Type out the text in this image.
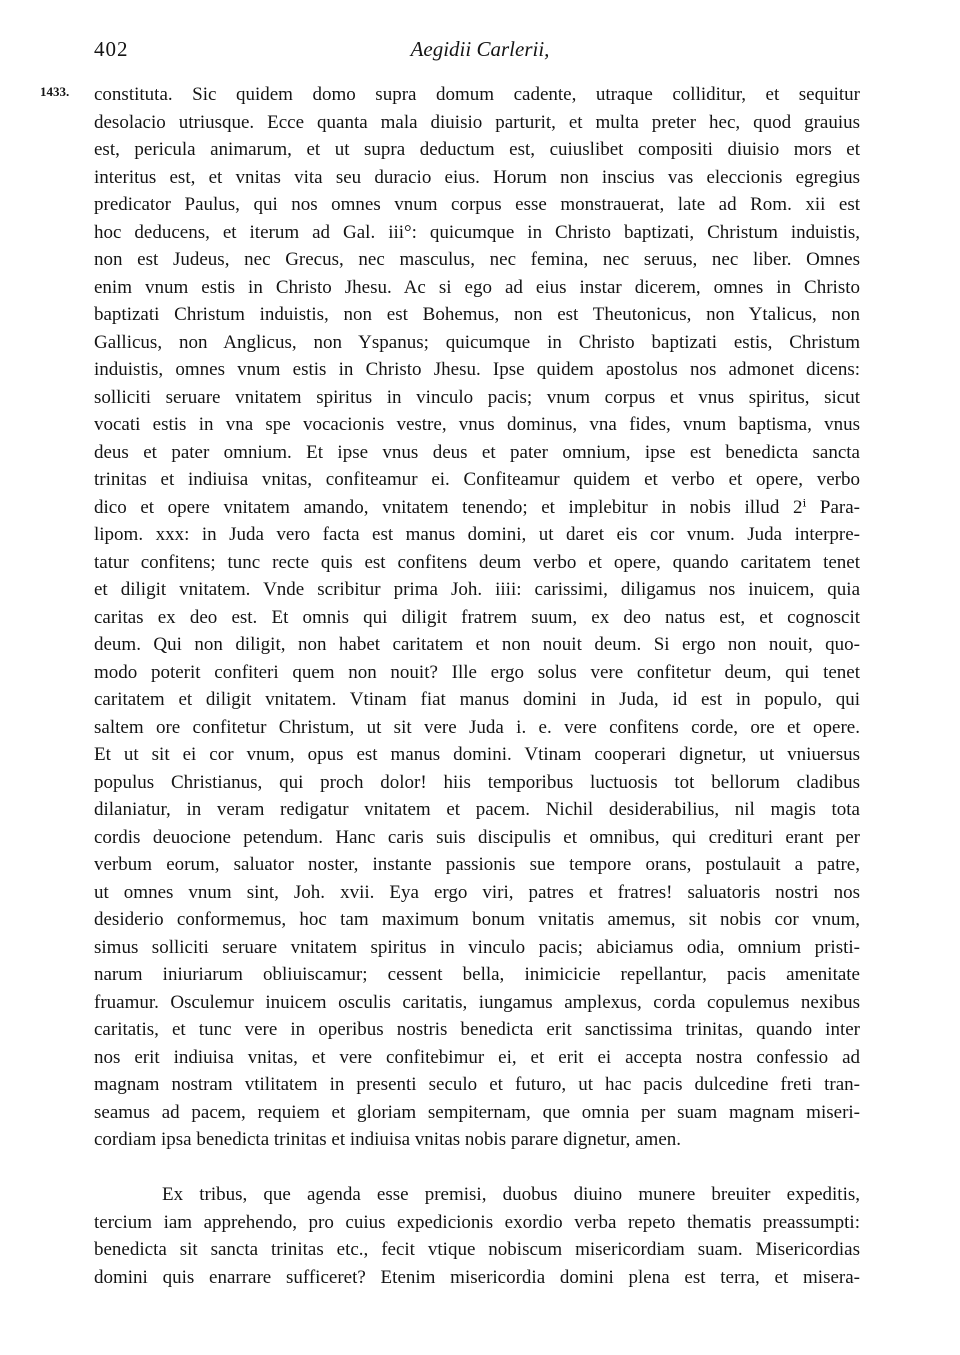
402	Aegidii Carlerii,
1433. constituta. Sic quidem domo supra domum cadente, utraque colliditur, et sequitur
desolacio utriusque. Ecce quanta mala diuisio parturit, et multa preter hec, quod grauius
est, pericula animarum, et ut supra deductum est, cuiuslibet compositi diuisio mors et
interitus est, et vnitas vita seu duracio eius. Horum non inscius vas eleccionis egregius
predicator Paulus, qui nos omnes vnum corpus esse monstrauerat, late ad Rom. xii est
hoc deducens, et iterum ad Gal. iii°: quicumque in Christo baptizati, Christum induistis,
non est Judeus, nec Grecus, nec masculus, nec femina, nec seruus, nec liber. Omnes
enim vnum estis in Christo Jhesu. Ac si ego ad eius instar dicerem, omnes in Christo
baptizati Christum induistis, non est Bohemus, non est Theutonicus, non Ytalicus, non
Gallicus, non Anglicus, non Yspanus; quicumque in Christo baptizati estis, Christum
induistis, omnes vnum estis in Christo Jhesu. Ipse quidem apostolus nos admonet dicens:
solliciti seruare vnitatem spiritus in vinculo pacis; vnum corpus et vnus spiritus, sicut
vocati estis in vna spe vocacionis vestre, vnus dominus, vna fides, vnum baptisma, vnus
deus et pater omnium. Et ipse vnus deus et pater omnium, ipse est benedicta sancta
trinitas et indiuisa vnitas, confiteamur ei. Confiteamur quidem et verbo et opere, verbo
dico et opere vnitatem amando, vnitatem tenendo; et implebitur in nobis illud 2ⁱ Para-
lipom. xxx: in Juda vero facta est manus domini, ut daret eis cor vnum. Juda interpre-
tatur confitens; tunc recte quis est confitens deum verbo et opere, quando caritatem tenet
et diligit vnitatem. Vnde scribitur prima Joh. iiii: carissimi, diligamus nos inuicem, quia
caritas ex deo est. Et omnis qui diligit fratrem suum, ex deo natus est, et cognoscit
deum. Qui non diligit, non habet caritatem et non nouit deum. Si ergo non nouit, quo-
modo poterit confiteri quem non nouit? Ille ergo solus vere confitetur deum, qui tenet
caritatem et diligit vnitatem. Vtinam fiat manus domini in Juda, id est in populo, qui
saltem ore confitetur Christum, ut sit vere Juda i. e. vere confitens corde, ore et opere.
Et ut sit ei cor vnum, opus est manus domini. Vtinam cooperari dignetur, ut vniuersus
populus Christianus, qui proch dolor! hiis temporibus luctuosis tot bellorum cladibus
dilaniatur, in veram redigatur vnitatem et pacem. Nichil desiderabilius, nil magis tota
cordis deuocione petendum. Hanc caris suis discipulis et omnibus, qui credituri erant per
verbum eorum, saluator noster, instante passionis sue tempore orans, postulauit a patre,
ut omnes vnum sint, Joh. xvii. Eya ergo viri, patres et fratres! saluatoris nostri nos
desiderio conformemus, hoc tam maximum bonum vnitatis amemus, sit nobis cor vnum,
simus solliciti seruare vnitatem spiritus in vinculo pacis; abiciamus odia, omnium pristi-
narum iniuriarum obliuiscamur; cessent bella, inimicicie repellantur, pacis amenitate
fruamur. Osculemur inuicem osculis caritatis, iungamus amplexus, corda copulemus nexibus
caritatis, et tunc vere in operibus nostris benedicta erit sanctissima trinitas, quando inter
nos erit indiuisa vnitas, et vere confitebimur ei, et erit ei accepta nostra confessio ad
magnam nostram vtilitatem in presenti seculo et futuro, ut hac pacis dulcedine freti tran-
seamus ad pacem, requiem et gloriam sempiternam, que omnia per suam magnam miseri-
cordiam ipsa benedicta trinitas et indiuisa vnitas nobis parare dignetur, amen.
Ex tribus, que agenda esse premisi, duobus diuino munere breuiter expeditis,
tercium iam apprehendo, pro cuius expedicionis exordio verba repeto thematis preassumpti:
benedicta sit sancta trinitas etc., fecit vtique nobiscum misericordiam suam. Misericordias
domini quis enarrare sufficeret? Etenim misericordia domini plena est terra, et misera-
